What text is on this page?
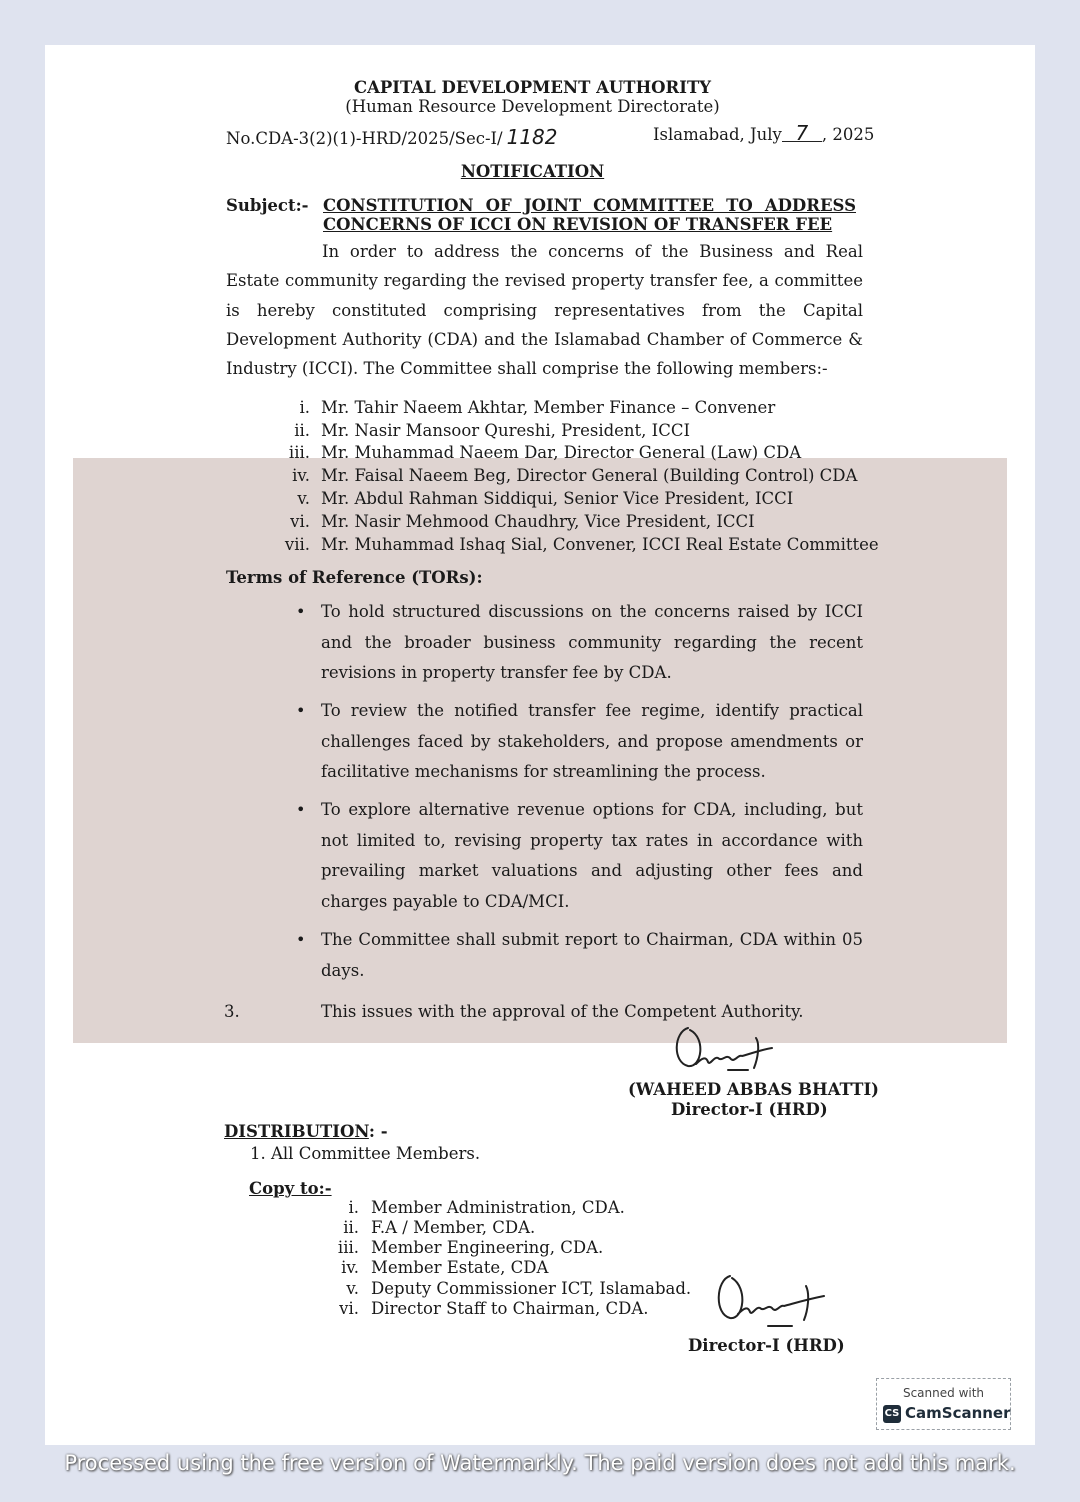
CAPITAL DEVELOPMENT AUTHORITY
(Human Resource Development Directorate)
No.CDA-3(2)(1)-HRD/2025/Sec-I/ 1182	Islamabad, July 7 , 2025
NOTIFICATION
Subject:- CONSTITUTION OF JOINT COMMITTEE TO ADDRESS
CONCERNS OF ICCI ON REVISION OF TRANSFER FEE
In order to address the concerns of the Business and Real Estate community regarding the revised property transfer fee, a committee is hereby constituted comprising representatives from the Capital Development Authority (CDA) and the Islamabad Chamber of Commerce & Industry (ICCI). The Committee shall comprise the following members:-
i. Mr. Tahir Naeem Akhtar, Member Finance – Convener
ii. Mr. Nasir Mansoor Qureshi, President, ICCI
iii. Mr. Muhammad Naeem Dar, Director General (Law) CDA
iv. Mr. Faisal Naeem Beg, Director General (Building Control) CDA
v. Mr. Abdul Rahman Siddiqui, Senior Vice President, ICCI
vi. Mr. Nasir Mehmood Chaudhry, Vice President, ICCI
vii. Mr. Muhammad Ishaq Sial, Convener, ICCI Real Estate Committee
Terms of Reference (TORs):
• To hold structured discussions on the concerns raised by ICCI and the broader business community regarding the recent revisions in property transfer fee by CDA.
• To review the notified transfer fee regime, identify practical challenges faced by stakeholders, and propose amendments or facilitative mechanisms for streamlining the process.
• To explore alternative revenue options for CDA, including, but not limited to, revising property tax rates in accordance with prevailing market valuations and adjusting other fees and charges payable to CDA/MCI.
• The Committee shall submit report to Chairman, CDA within 05 days.
3.	This issues with the approval of the Competent Authority.
(WAHEED ABBAS BHATTI)
Director-I (HRD)
DISTRIBUTION: -
1. All Committee Members.
Copy to:-
i. Member Administration, CDA.
ii. F.A / Member, CDA.
iii. Member Engineering, CDA.
iv. Member Estate, CDA
v. Deputy Commissioner ICT, Islamabad.
vi. Director Staff to Chairman, CDA.
Director-I (HRD)
Scanned with
CS CamScanner
Processed using the free version of Watermarkly. The paid version does not add this mark.
